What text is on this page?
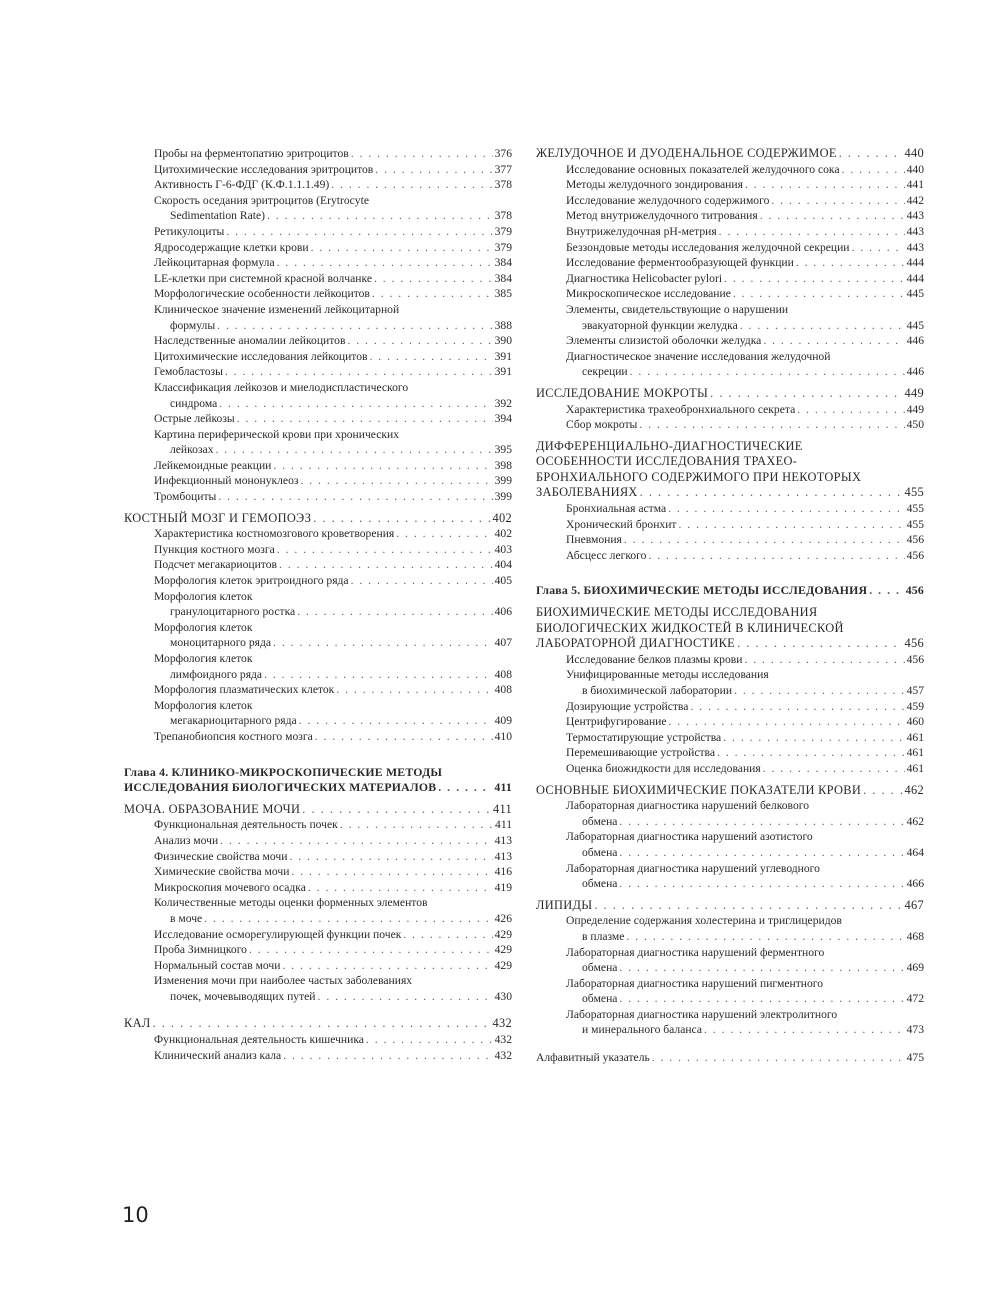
Пробы на ферментопатию эритроцитов . . .	376
Цитохимические исследования эритроцитов . . .	377
Активность Г-6-ФДГ (К.Ф.1.1.1.49) . . .	378
Скорость оседания эритроцитов (Erytrocyte
Sedimentation Rate) . . .	378
Ретикулоциты . . .	379
Ядросодержащие клетки крови . . .	379
Лейкоцитарная формула . . .	384
LE-клетки при системной красной волчанке . . .	384
Морфологические особенности лейкоцитов . . .	385
Клиническое значение изменений лейкоцитарной
формулы . . .	388
Наследственные аномалии лейкоцитов . . .	390
Цитохимические исследования лейкоцитов . . .	391
Гемобластозы . . .	391
Классификация лейкозов и миелодиспластического
синдрома . . .	392
Острые лейкозы . . .	394
Картина периферической крови при хронических
лейкозах . . .	395
Лейкемоидные реакции . . .	398
Инфекционный мононуклеоз . . .	399
Тромбоциты . . .	399
КОСТНЫЙ МОЗГ И ГЕМОПОЭЗ . . .	402
Характеристика костномозгового кроветворения . . .	402
Пункция костного мозга . . .	403
Подсчет мегакариоцитов . . .	404
Морфология клеток эритроидного ряда . . .	405
Морфология клеток
гранулоцитарного ростка . . .	406
Морфология клеток
моноцитарного ряда . . .	407
Морфология клеток
лимфоидного ряда . . .	408
Морфология плазматических клеток . . .	408
Морфология клеток
мегакариоцитарного ряда . . .	409
Трепанобиопсия костного мозга . . .	410
Глава 4. КЛИНИКО-МИКРОСКОПИЧЕСКИЕ МЕТОДЫ
ИССЛЕДОВАНИЯ БИОЛОГИЧЕСКИХ МАТЕРИАЛОВ . . .	411
МОЧА. ОБРАЗОВАНИЕ МОЧИ . . .	411
Функциональная деятельность почек . . .	411
Анализ мочи . . .	413
Физические свойства мочи . . .	413
Химические свойства мочи . . .	416
Микроскопия мочевого осадка . . .	419
Количественные методы оценки форменных элементов
в моче . . .	426
Исследование осморегулирующей функции почек . . .	429
Проба Зимницкого . . .	429
Нормальный состав мочи . . .	429
Изменения мочи при наиболее частых заболеваниях
почек, мочевыводящих путей . . .	430
КАЛ . . .	432
Функциональная деятельность кишечника . . .	432
Клинический анализ кала . . .	432
ЖЕЛУДОЧНОЕ И ДУОДЕНАЛЬНОЕ СОДЕРЖИМОЕ . . .	440
Исследование основных показателей желудочного сока . . .	440
Методы желудочного зондирования . . .	441
Исследование желудочного содержимого . . .	442
Метод внутрижелудочного титрования . . .	443
Внутрижелудочная pH-метрия . . .	443
Беззондовые методы исследования желудочной секреции . . .	443
Исследование ферментообразующей функции . . .	444
Диагностика Helicobacter pylori . . .	444
Микроскопическое исследование . . .	445
Элементы, свидетельствующие о нарушении
эвакуаторной функции желудка . . .	445
Элементы слизистой оболочки желудка . . .	446
Диагностическое значение исследования желудочной
секреции . . .	446
ИССЛЕДОВАНИЕ МОКРОТЫ . . .	449
Характеристика трахеобронхиального секрета . . .	449
Сбор мокроты . . .	450
ДИФФЕРЕНЦИАЛЬНО-ДИАГНОСТИЧЕСКИЕ
ОСОБЕННОСТИ ИССЛЕДОВАНИЯ ТРАХЕО-
БРОНХИАЛЬНОГО СОДЕРЖИМОГО ПРИ НЕКОТОРЫХ
ЗАБОЛЕВАНИЯХ . . .	455
Бронхиальная астма . . .	455
Хронический бронхит . . .	455
Пневмония . . .	456
Абсцесс легкого . . .	456
Глава 5. БИОХИМИЧЕСКИЕ МЕТОДЫ ИССЛЕДОВАНИЯ . . .	456
БИОХИМИЧЕСКИЕ МЕТОДЫ ИССЛЕДОВАНИЯ
БИОЛОГИЧЕСКИХ ЖИДКОСТЕЙ В КЛИНИЧЕСКОЙ
ЛАБОРАТОРНОЙ ДИАГНОСТИКЕ . . .	456
Исследование белков плазмы крови . . .	456
Унифицированные методы исследования
в биохимической лаборатории . . .	457
Дозирующие устройства . . .	459
Центрифугирование . . .	460
Термостатирующие устройства . . .	461
Перемешивающие устройства . . .	461
Оценка биожидкости для исследования . . .	461
ОСНОВНЫЕ БИОХИМИЧЕСКИЕ ПОКАЗАТЕЛИ КРОВИ . . .	462
Лабораторная диагностика нарушений белкового
обмена . . .	462
Лабораторная диагностика нарушений азотистого
обмена . . .	464
Лабораторная диагностика нарушений углеводного
обмена . . .	466
ЛИПИДЫ . . .	467
Определение содержания холестерина и триглицеридов
в плазме . . .	468
Лабораторная диагностика нарушений ферментного
обмена . . .	469
Лабораторная диагностика нарушений пигментного
обмена . . .	472
Лабораторная диагностика нарушений электролитного
и минерального баланса . . .	473
Алфавитный указатель . . .	475
10
